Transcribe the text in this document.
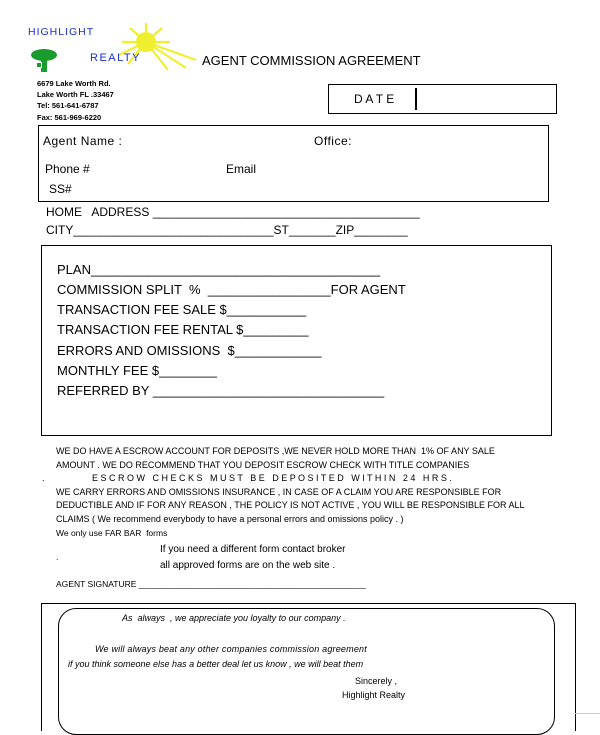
HIGHLIGHT
REALTY	AGENT COMMISSION AGREEMENT
6679 Lake Worth Rd.
Lake Worth FL .33467
Tel: 561-641-6787
Fax: 561-969-6220
D A T E
Agent Name :	Office:
Phone #	Email
SS#
HOME   ADDRESS ________________________________________
CITY______________________________ST_______ZIP________
PLAN________________________________________
COMMISSION SPLIT  %  _________________FOR AGENT
TRANSACTION FEE SALE $___________
TRANSACTION FEE RENTAL $_________
ERRORS AND OMISSIONS  $____________
MONTHLY FEE $________
REFERRED BY ________________________________
WE DO HAVE A ESCROW ACCOUNT FOR DEPOSITS ,WE NEVER HOLD MORE THAN  1% OF ANY SALE
AMOUNT . WE DO RECOMMEND THAT YOU DEPOSIT ESCROW CHECK WITH TITLE COMPANIES
.	E S C R O W   C H E C K S   M U S T   B E   D E P O S I T E D   W I T H I N   2 4   H R S .
WE CARRY ERRORS AND OMISSIONS INSURANCE , IN CASE OF A CLAIM YOU ARE RESPONSIBLE FOR
DEDUCTIBLE AND IF FOR ANY REASON , THE POLICY IS NOT ACTIVE , YOU WILL BE RESPONSIBLE FOR ALL
CLAIMS ( We recommend everybody to have a personal errors and omissions policy . )
We only use FAR BAR  forms
If you need a different form contact broker
.
all approved forms are on the web site .
AGENT SIGNATURE ________________________________________________
As  always  , we appreciate you loyalty to our company .
We will always beat any other companies commission agreement
if you think someone else has a better deal let us know , we will beat them
Sincerely ,
Highlight Realty
